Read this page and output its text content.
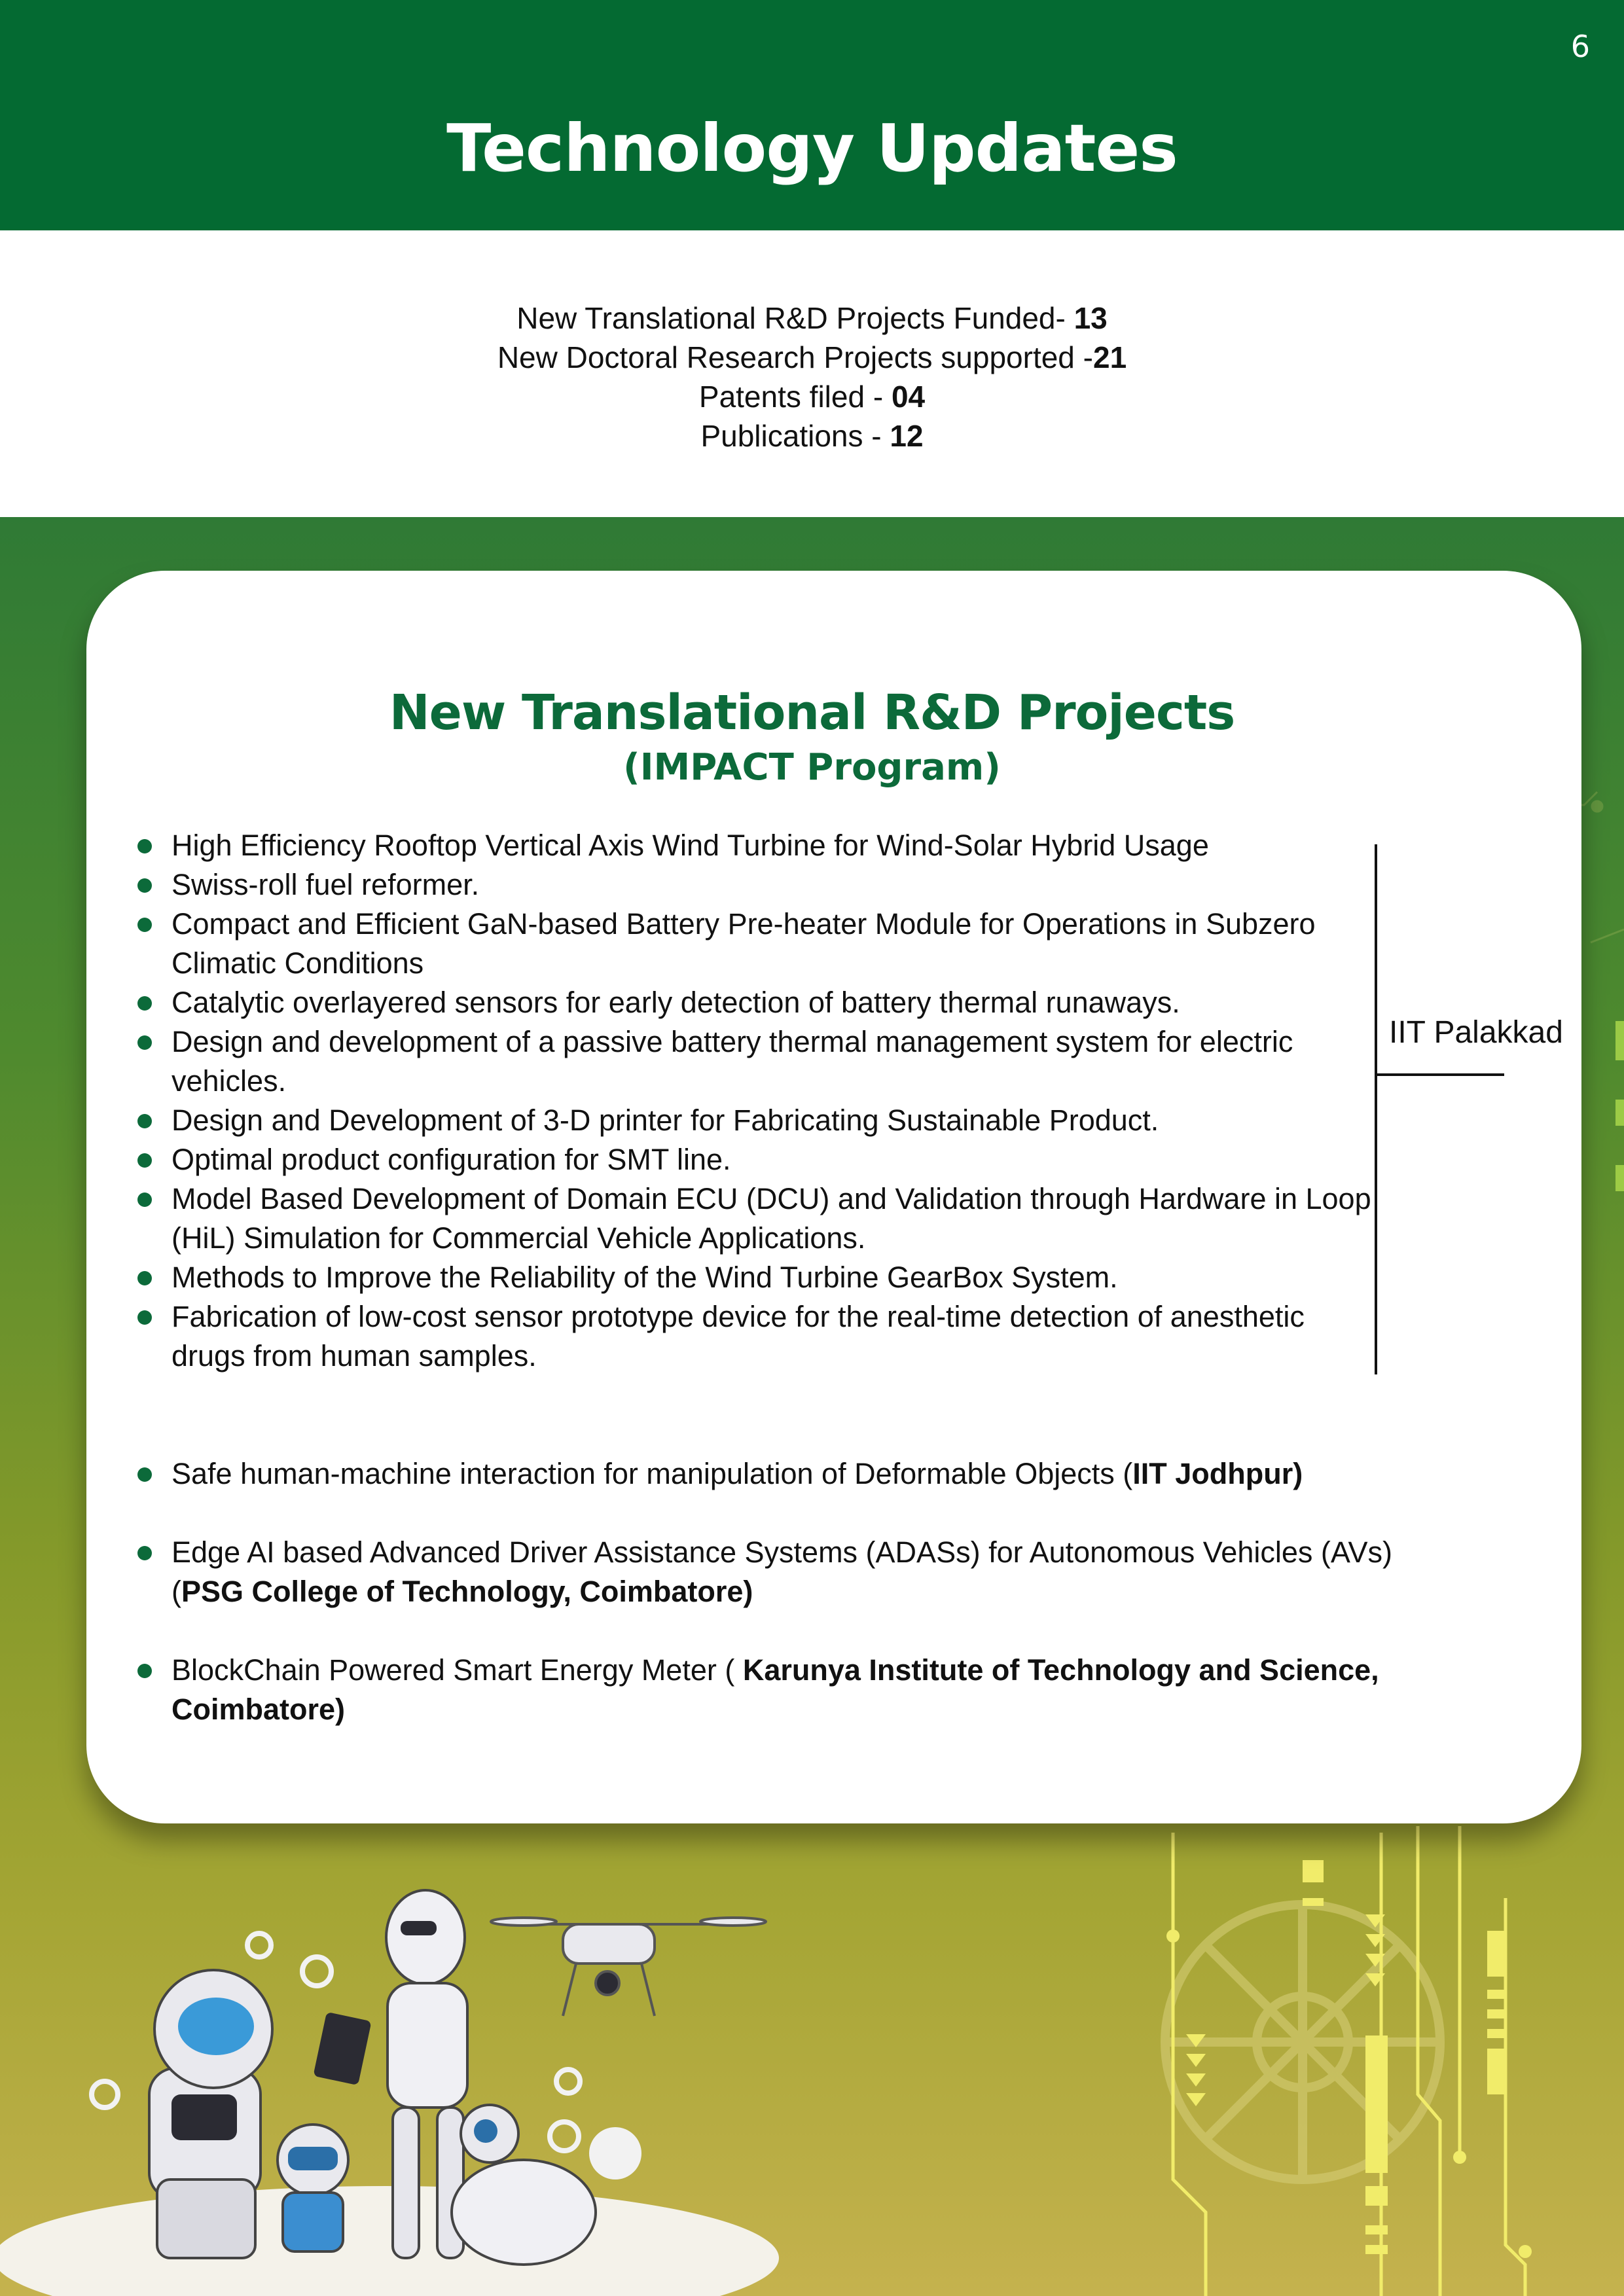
6
Technology Updates
New Translational R&D Projects Funded- 13
New Doctoral Research Projects supported -21
Patents filed - 04
Publications - 12
New Translational R&D Projects
(IMPACT Program)
High Efficiency Rooftop Vertical Axis Wind Turbine for Wind-Solar Hybrid Usage
Swiss-roll fuel reformer.
Compact and Efficient GaN-based Battery Pre-heater Module for Operations in Subzero Climatic Conditions
Catalytic overlayered sensors for early detection of battery thermal runaways.
Design and development of a passive battery thermal management system for electric vehicles.
Design and Development of 3-D printer for Fabricating Sustainable Product.
Optimal product configuration for SMT line.
Model Based Development of Domain ECU (DCU) and Validation through Hardware in Loop (HiL) Simulation for Commercial Vehicle Applications.
Methods to Improve the Reliability of the Wind Turbine GearBox System.
Fabrication of low-cost sensor prototype device for the real-time detection of anesthetic drugs from human samples.
IIT Palakkad
Safe human-machine interaction for manipulation of Deformable Objects (IIT Jodhpur)
Edge AI based Advanced Driver Assistance Systems (ADASs) for Autonomous Vehicles (AVs) (PSG College of Technology, Coimbatore)
BlockChain Powered Smart Energy Meter ( Karunya Institute of Technology and Science, Coimbatore)
